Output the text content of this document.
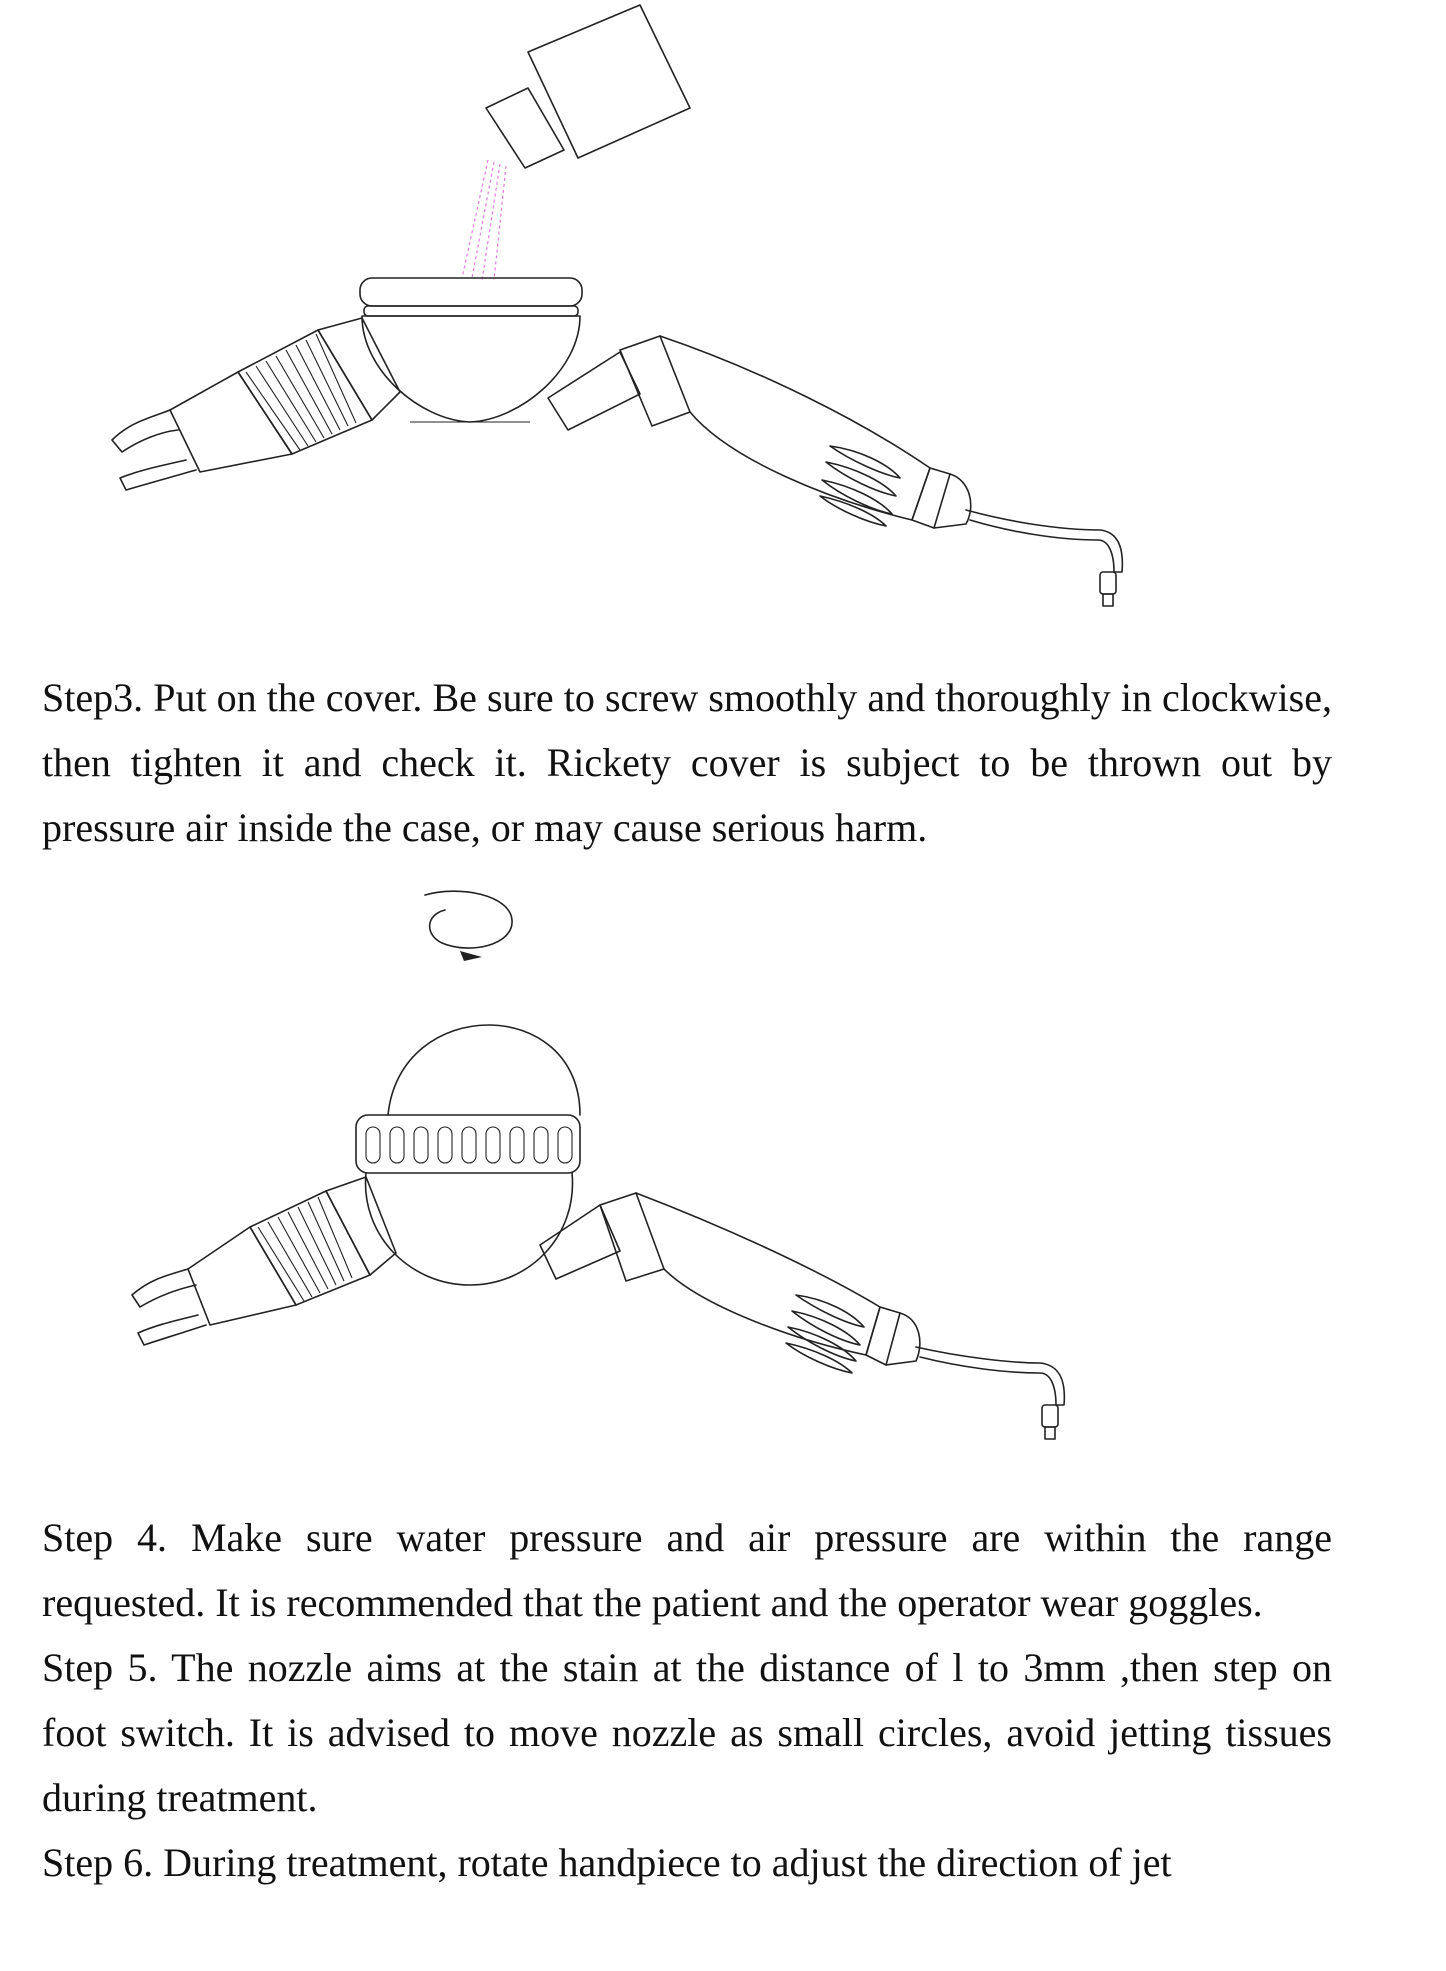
Step3. Put on the cover. Be sure to screw smoothly and thoroughly in clockwise, then tighten it and check it. Rickety cover is subject to be thrown out by pressure air inside the case, or may cause serious harm.

Step 4. Make sure water pressure and air pressure are within the range requested. It is recommended that the patient and the operator wear goggles.

Step 5. The nozzle aims at the stain at the distance of l to 3mm ,then step on foot switch. It is advised to move nozzle as small circles, avoid jetting tissues during treatment.

Step 6. During treatment, rotate handpiece to adjust the direction of jet
